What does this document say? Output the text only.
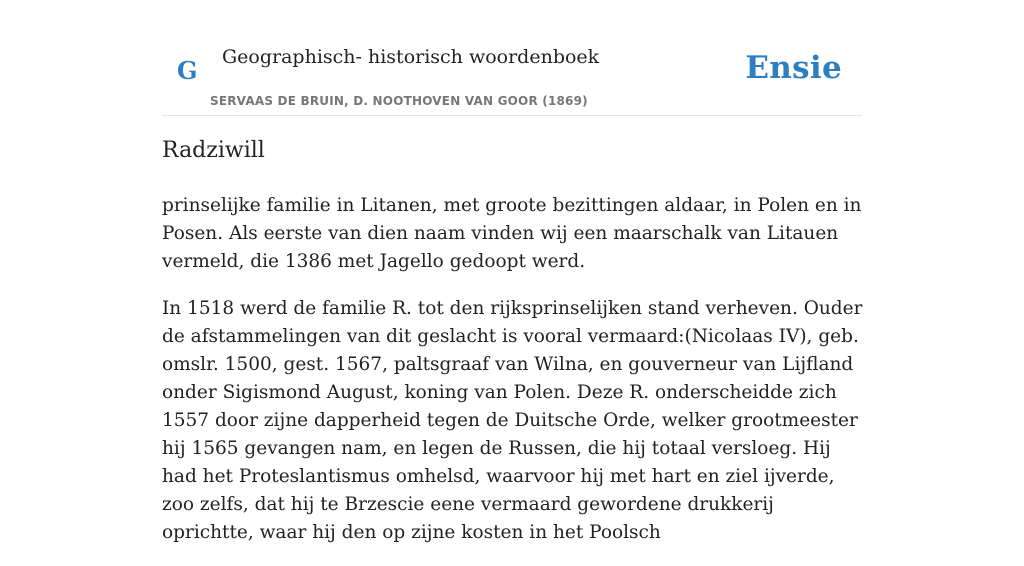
G Geographisch- historisch woordenboek
SERVAAS DE BRUIN, D. NOOTHOVEN VAN GOOR (1869)
Ensie
Radziwill

prinselijke familie in Litanen, met groote bezittingen aldaar, in Polen en in Posen. Als eerste van dien naam vinden wij een maarschalk van Litauen vermeld, die 1386 met Jagello gedoopt werd.

In 1518 werd de familie R. tot den rijksprinselijken stand verheven. Ouder de afstammelingen van dit geslacht is vooral vermaard:(Nicolaas IV), geb. omslr. 1500, gest. 1567, paltsgraaf van Wilna, en gouverneur van Lijfland onder Sigismond August, koning van Polen. Deze R. onderscheidde zich 1557 door zijne dapperheid tegen de Duitsche Orde, welker grootmeester hij 1565 gevangen nam, en legen de Russen, die hij totaal versloeg. Hij had het Proteslantismus omhelsd, waarvoor hij met hart en ziel ijverde, zoo zelfs, dat hij te Brzescie eene vermaard gewordene drukkerij oprichtte, waar hij den op zijne kosten in het Poolsch
